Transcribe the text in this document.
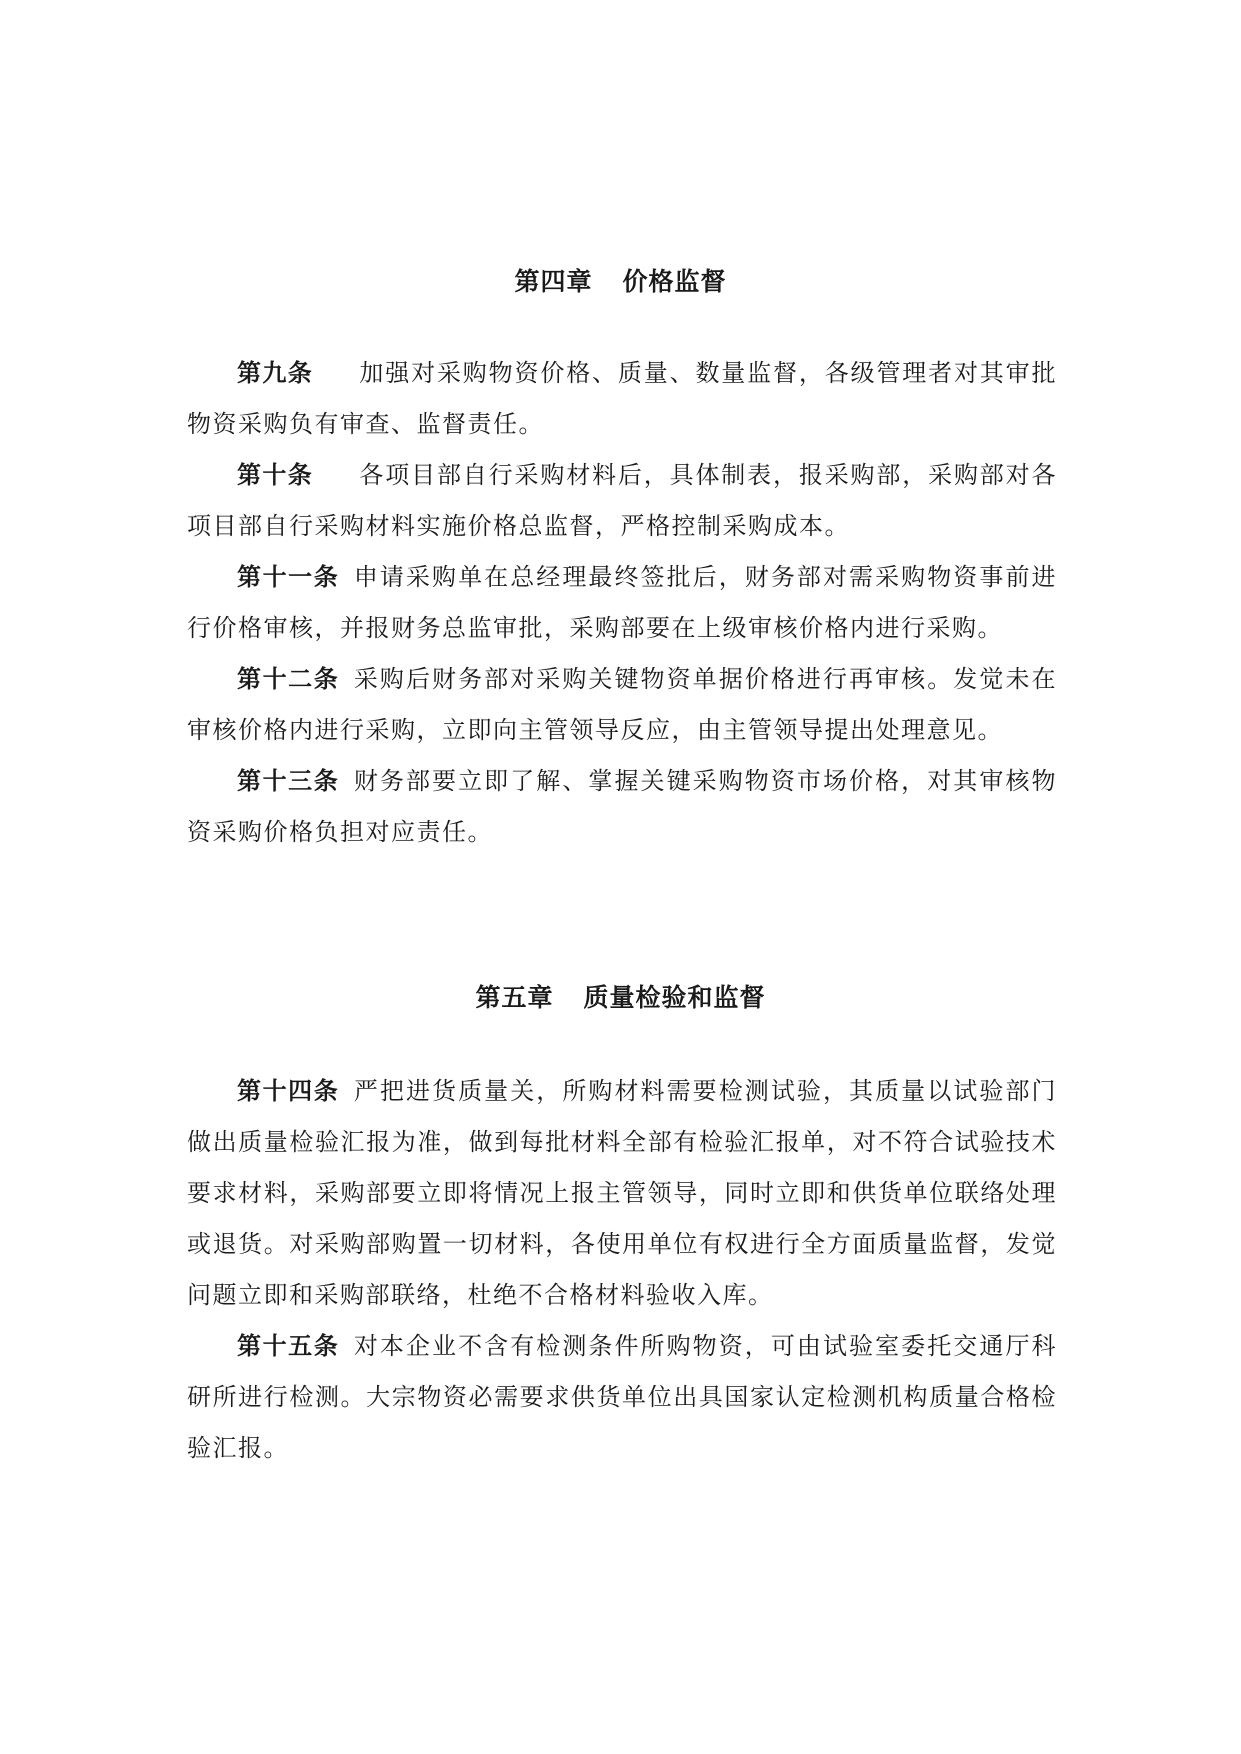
第四章 价格监督
第九条 加强对采购物资价格、质量、数量监督，各级管理者对其审批物资采购负有审查、监督责任。
第十条 各项目部自行采购材料后，具体制表，报采购部，采购部对各项目部自行采购材料实施价格总监督，严格控制采购成本。
第十一条 申请采购单在总经理最终签批后，财务部对需采购物资事前进行价格审核，并报财务总监审批，采购部要在上级审核价格内进行采购。
第十二条 采购后财务部对采购关键物资单据价格进行再审核。发觉未在审核价格内进行采购，立即向主管领导反应，由主管领导提出处理意见。
第十三条 财务部要立即了解、掌握关键采购物资市场价格，对其审核物资采购价格负担对应责任。
第五章 质量检验和监督
第十四条 严把进货质量关，所购材料需要检测试验，其质量以试验部门做出质量检验汇报为准，做到每批材料全部有检验汇报单，对不符合试验技术要求材料，采购部要立即将情况上报主管领导，同时立即和供货单位联络处理或退货。对采购部购置一切材料，各使用单位有权进行全方面质量监督，发觉问题立即和采购部联络，杜绝不合格材料验收入库。
第十五条 对本企业不含有检测条件所购物资，可由试验室委托交通厅科研所进行检测。大宗物资必需要求供货单位出具国家认定检测机构质量合格检验汇报。
